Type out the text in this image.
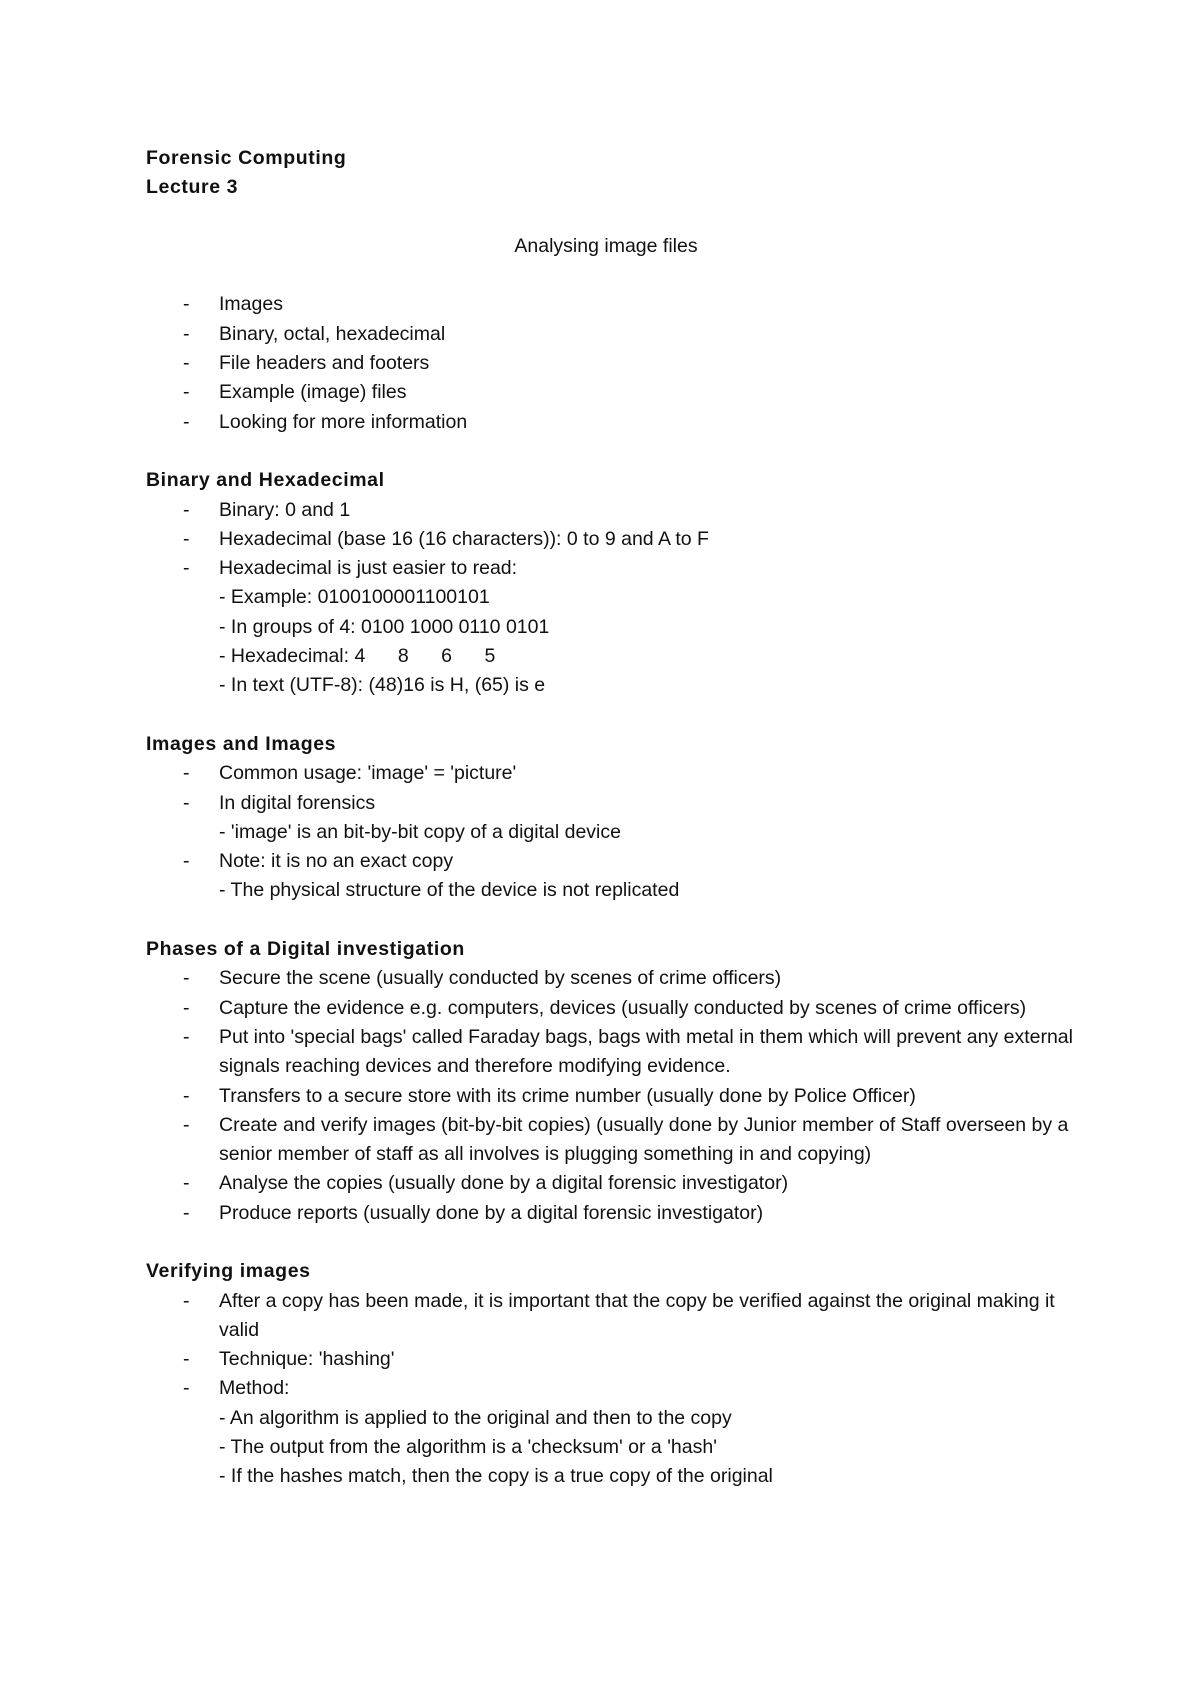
Forensic Computing
Lecture 3
Analysing image files
- Images
- Binary, octal, hexadecimal
- File headers and footers
- Example (image) files
- Looking for more information
Binary and Hexadecimal
- Binary: 0 and 1
- Hexadecimal (base 16 (16 characters)): 0 to 9 and A to F
- Hexadecimal is just easier to read:
- Example: 0100100001100101
- In groups of 4: 0100 1000 0110 0101
- Hexadecimal: 4      8      6      5
- In text (UTF-8): (48)16 is H, (65) is e
Images and Images
- Common usage: 'image' = 'picture'
- In digital forensics
- 'image' is an bit-by-bit copy of a digital device
- Note: it is no an exact copy
- The physical structure of the device is not replicated
Phases of a Digital investigation
- Secure the scene (usually conducted by scenes of crime officers)
- Capture the evidence e.g. computers, devices (usually conducted by scenes of crime officers)
- Put into 'special bags' called Faraday bags, bags with metal in them which will prevent any external signals reaching devices and therefore modifying evidence.
- Transfers to a secure store with its crime number (usually done by Police Officer)
- Create and verify images (bit-by-bit copies) (usually done by Junior member of Staff overseen by a senior member of staff as all involves is plugging something in and copying)
- Analyse the copies (usually done by a digital forensic investigator)
- Produce reports (usually done by a digital forensic investigator)
Verifying images
- After a copy has been made, it is important that the copy be verified against the original making it valid
- Technique: 'hashing'
- Method:
- An algorithm is applied to the original and then to the copy
- The output from the algorithm is a 'checksum' or a 'hash'
- If the hashes match, then the copy is a true copy of the original
